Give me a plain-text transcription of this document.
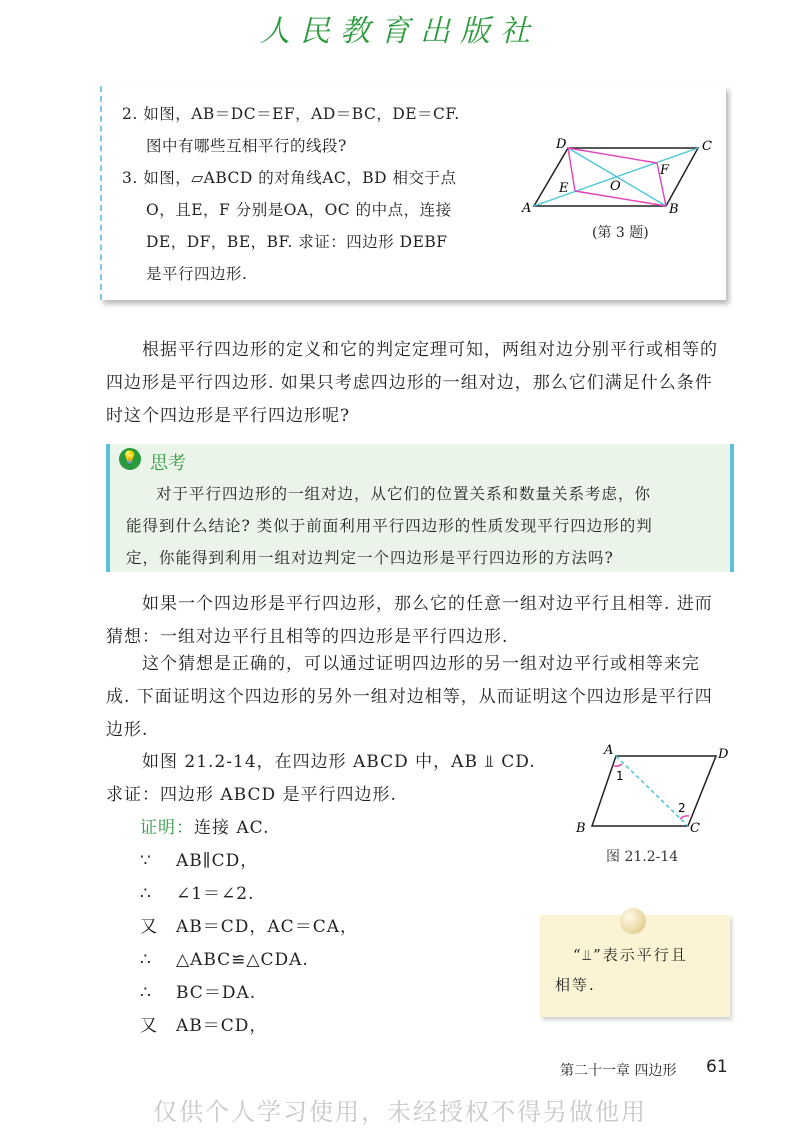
人民教育出版社
2. 如图，AB＝DC＝EF，AD＝BC，DE＝CF.
图中有哪些互相平行的线段?
3. 如图，▱ABCD 的对角线AC，BD 相交于点
O，且E，F 分别是OA，OC 的中点，连接
DE，DF，BE，BF. 求证：四边形 DEBF
是平行四边形.
D	C
A	B
E
F
O
(第 3 题)
根据平行四边形的定义和它的判定定理可知，两组对边分别平行或相等的
四边形是平行四边形. 如果只考虑四边形的一组对边，那么它们满足什么条件
时这个四边形是平行四边形呢?
💡 思考
对于平行四边形的一组对边，从它们的位置关系和数量关系考虑，你
能得到什么结论? 类似于前面利用平行四边形的性质发现平行四边形的判
定，你能得到利用一组对边判定一个四边形是平行四边形的方法吗?
如果一个四边形是平行四边形，那么它的任意一组对边平行且相等. 进而
猜想：一组对边平行且相等的四边形是平行四边形.
这个猜想是正确的，可以通过证明四边形的另一组对边平行或相等来完
成. 下面证明这个四边形的另外一组对边相等，从而证明这个四边形是平行四
边形.
如图 21.2-14，在四边形 ABCD 中，AB ⫫ CD.
求证：四边形 ABCD 是平行四边形.
A	D
B	C
1
2
图 21.2-14
证明：连接 AC.
∵ AB∥CD，
∴ ∠1＝∠2.
又 AB＝CD，AC＝CA，
∴ △ABC≌△CDA.
∴ BC＝DA.
又 AB＝CD，
“⫫”表示平行且
相等.
第二十一章 四边形 61
仅供个人学习使用，未经授权不得另做他用
